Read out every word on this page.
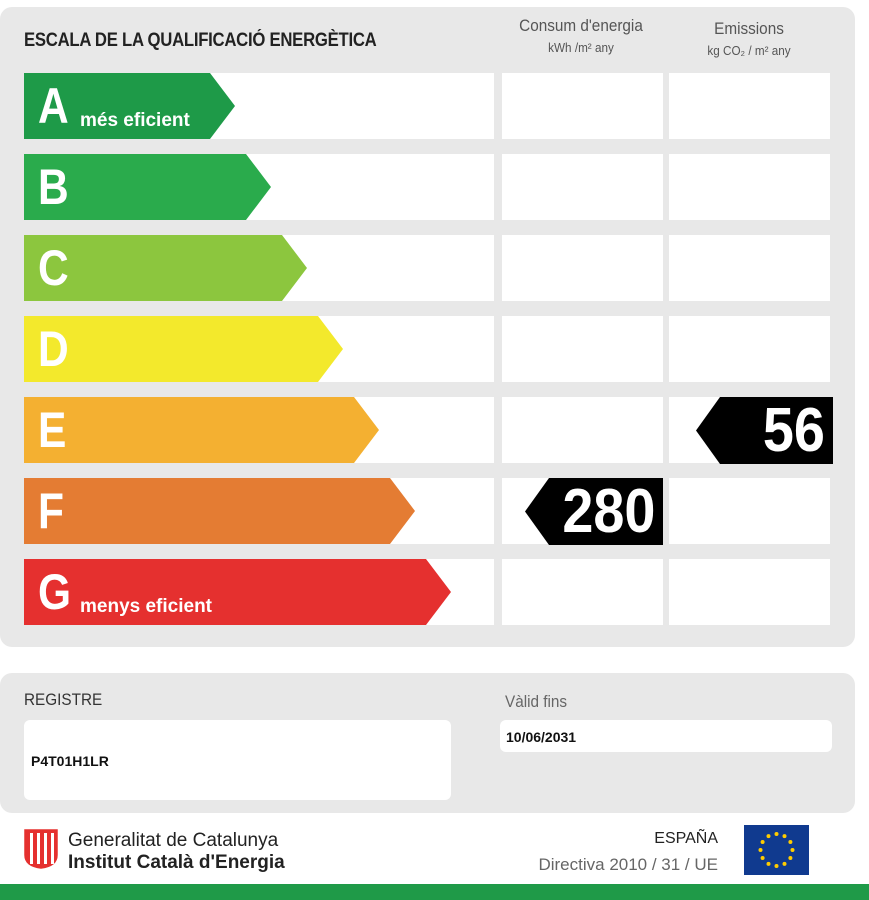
ESCALA DE LA QUALIFICACIÓ ENERGÈTICA
Consum d'energia
kWh /m² any
Emissions
kg CO₂ / m² any
A més eficient
B
C
D
E
F
G menys eficient
280
56
REGISTRE
P4T01H1LR
Vàlid fins
10/06/2031
Generalitat de Catalunya
Institut Català d'Energia
ESPAÑA
Directiva 2010 / 31 / UE
